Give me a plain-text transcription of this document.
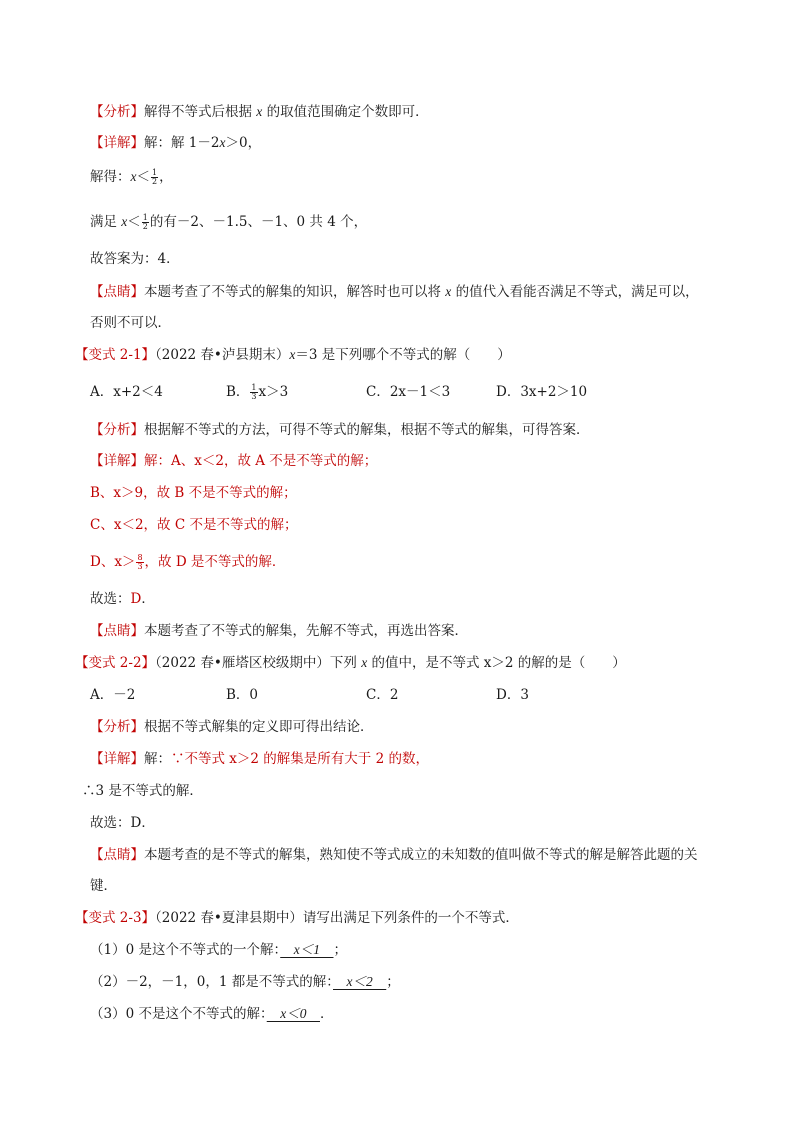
【分析】解得不等式后根据 x 的取值范围确定个数即可．
【详解】解：解 1－2x＞0，
解得：$x< \frac{1}{2}$ ，
满足 $x< \frac{1}{2}$ 的有－2、－1.5、－1、0 共 4 个，
故答案为：4．
【点睛】本题考查了不等式的解集的知识，解答时也可以将 x 的值代入看能否满足不等式，满足可以，
否则不可以．
【变式 2-1】（2022 春•泸县期末）x＝3 是下列哪个不等式的解（　　）
A．x+2＜4	B． $\frac{1}{3} x>3$	C．2x－1＜3	D．3x+2＞10
【分析】根据解不等式的方法，可得不等式的解集，根据不等式的解集，可得答案．
【详解】解：A、x＜2，故 A 不是不等式的解；
B、x＞9，故 B 不是不等式的解；
C、x＜2，故 C 不是不等式的解；
D、$x> \frac{8}{3}$ ，故 D 是不等式的解．
故选：D．
【点睛】本题考查了不等式的解集，先解不等式，再选出答案．
【变式 2-2】（2022 春•雁塔区校级期中）下列 x 的值中，是不等式 x＞2 的解的是（　　）
A．－2	B．0	C．2	D．3
【分析】根据不等式解集的定义即可得出结论．
【详解】解：∵不等式 x＞2 的解集是所有大于 2 的数，
∴3 是不等式的解．
故选：D．
【点睛】本题考查的是不等式的解集，熟知使不等式成立的未知数的值叫做不等式的解是解答此题的关
键．
【变式 2-3】（2022 春•夏津县期中）请写出满足下列条件的一个不等式．
（1）0 是这个不等式的一个解：　x＜1　；
（2）－2，－1，0，1 都是不等式的解：　x＜2　；
（3）0 不是这个不等式的解：　x＜0　．
